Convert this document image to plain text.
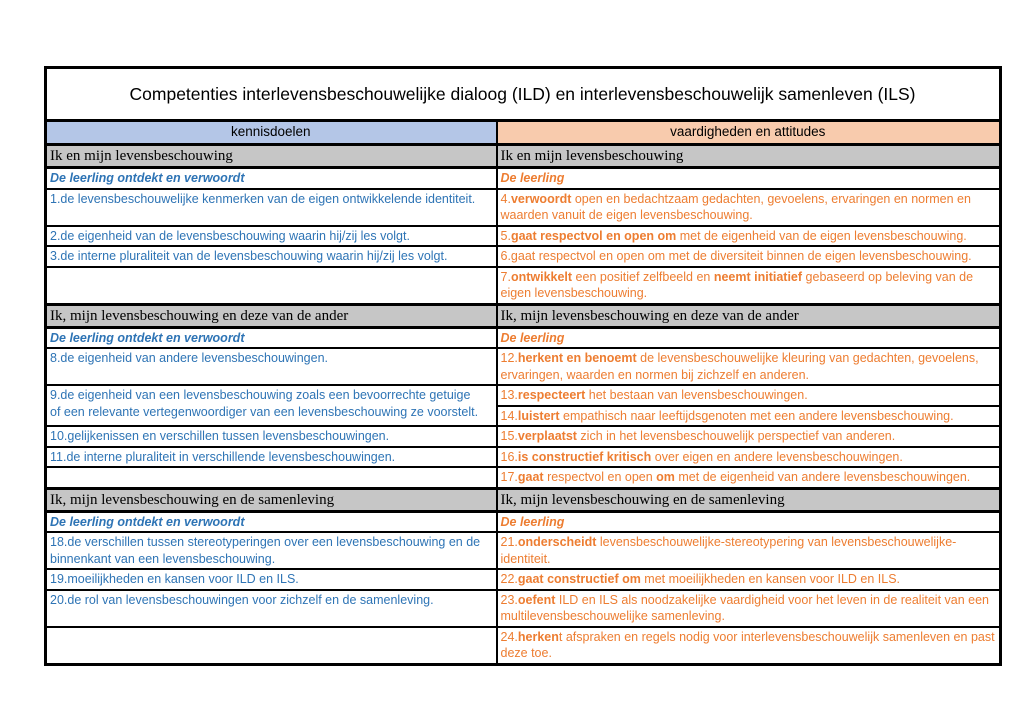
Competenties interlevensbeschouwelijke dialoog (ILD) en interlevensbeschouwelijk samenleven (ILS)	
kennisdoelen	vaardigheden en attitudes
Ik en mijn levensbeschouwing	Ik en mijn levensbeschouwing
De leerling ontdekt en verwoordt	De leerling
1.de levensbeschouwelijke kenmerken van de eigen ontwikkelende identiteit.	4.verwoordt open en bedachtzaam gedachten, gevoelens, ervaringen en normen en waarden vanuit de eigen levensbeschouwing.
2.de eigenheid van de levensbeschouwing waarin hij/zij les volgt.	5.gaat respectvol en open om met de eigenheid van de eigen levensbeschouwing.
3.de interne pluraliteit van de levensbeschouwing waarin hij/zij les volgt.	6.gaat respectvol en open om met de diversiteit binnen de eigen levensbeschouwing.
	7.ontwikkelt een positief zelfbeeld en neemt initiatief gebaseerd op beleving van de eigen levensbeschouwing.
Ik, mijn levensbeschouwing en deze van de ander	Ik, mijn levensbeschouwing en deze van de ander
De leerling ontdekt en verwoordt	De leerling
8.de eigenheid van andere levensbeschouwingen.	12.herkent en benoemt de levensbeschouwelijke kleuring van gedachten, gevoelens, ervaringen, waarden en normen bij zichzelf en anderen.
9.de eigenheid van een levensbeschouwing zoals een bevoorrechte getuige
of een relevante vertegenwoordiger van een levensbeschouwing ze voorstelt.	13.respecteert het bestaan van levensbeschouwingen.
	14.luistert empathisch naar leeftijdsgenoten met een andere levensbeschouwing.
10.gelijkenissen en verschillen tussen levensbeschouwingen.	15.verplaatst zich in het levensbeschouwelijk perspectief van anderen.
11.de interne pluraliteit in verschillende levensbeschouwingen.	16.is constructief kritisch over eigen en andere levensbeschouwingen.
	17.gaat respectvol en open om met de eigenheid van andere levensbeschouwingen.
Ik, mijn levensbeschouwing en de samenleving	Ik, mijn levensbeschouwing en de samenleving
De leerling ontdekt en verwoordt	De leerling
18.de verschillen tussen stereotyperingen over een levensbeschouwing en de binnenkant van een levensbeschouwing.	21.onderscheidt levensbeschouwelijke-stereotypering van levensbeschouwelijke-identiteit.
19.moeilijkheden en kansen voor ILD en ILS.	22.gaat constructief om met moeilijkheden en kansen voor ILD en ILS.
20.de rol van levensbeschouwingen voor zichzelf en de samenleving.	23.oefent ILD en ILS als noodzakelijke vaardigheid voor het leven in de realiteit van een multilevensbeschouwelijke samenleving.
	24.herkent afspraken en regels nodig voor interlevensbeschouwelijk samenleven en past deze toe.
